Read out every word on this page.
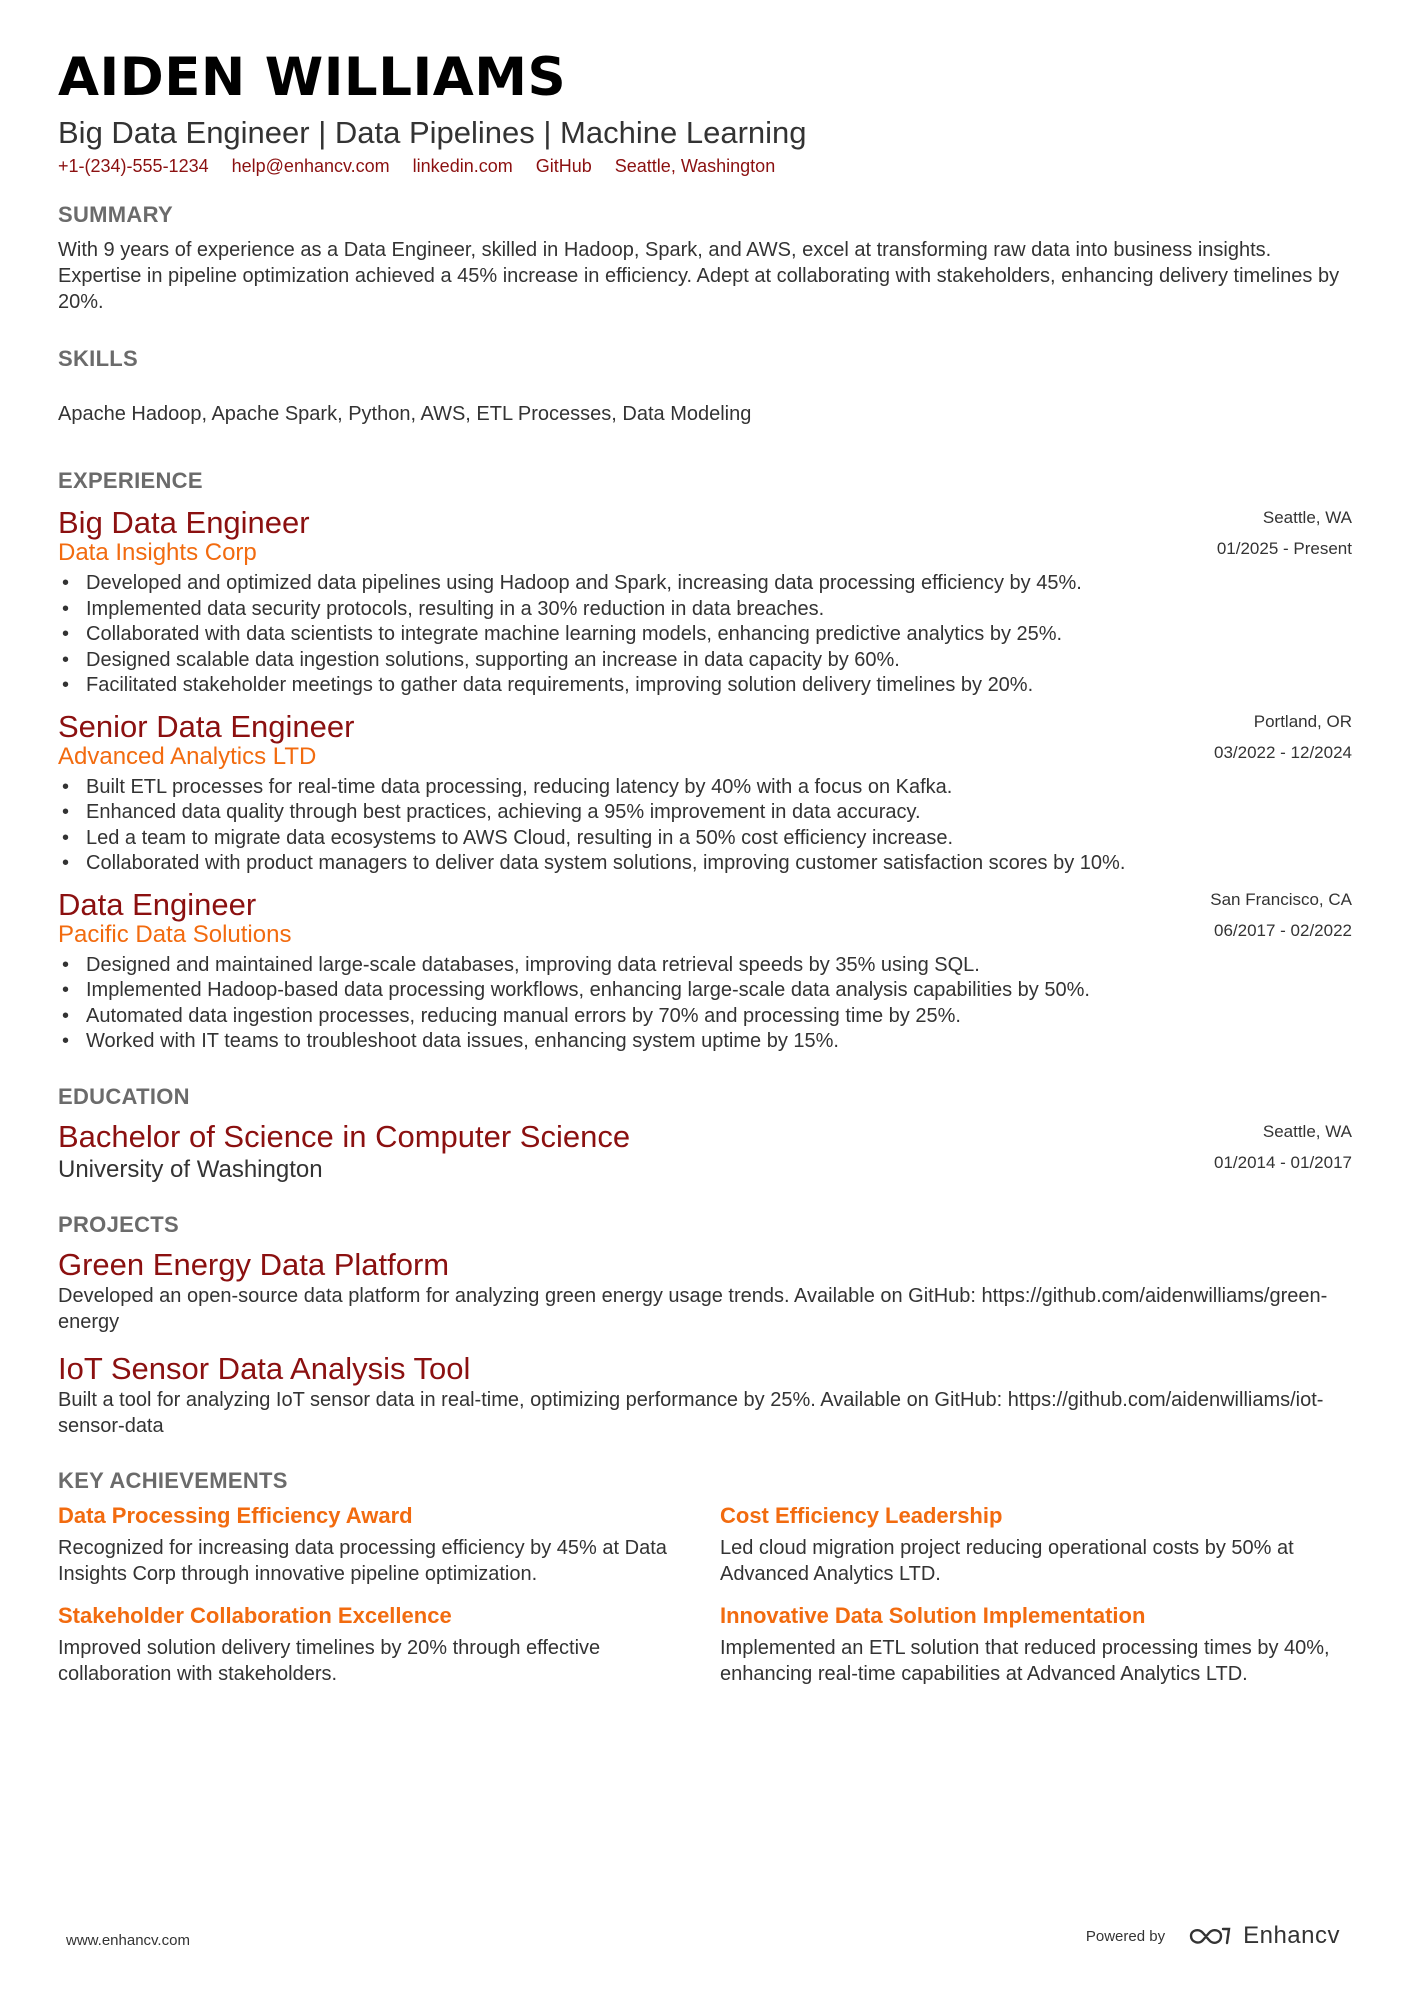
AIDEN WILLIAMS
Big Data Engineer | Data Pipelines | Machine Learning
+1-(234)-555-1234 help@enhancv.com linkedin.com GitHub Seattle, Washington
SUMMARY
With 9 years of experience as a Data Engineer, skilled in Hadoop, Spark, and AWS, excel at transforming raw data into business insights. Expertise in pipeline optimization achieved a 45% increase in efficiency. Adept at collaborating with stakeholders, enhancing delivery timelines by 20%.
SKILLS
Apache Hadoop, Apache Spark, Python, AWS, ETL Processes, Data Modeling
EXPERIENCE
Big Data Engineer
Data Insights Corp
Seattle, WA
01/2025 - Present
• Developed and optimized data pipelines using Hadoop and Spark, increasing data processing efficiency by 45%.
• Implemented data security protocols, resulting in a 30% reduction in data breaches.
• Collaborated with data scientists to integrate machine learning models, enhancing predictive analytics by 25%.
• Designed scalable data ingestion solutions, supporting an increase in data capacity by 60%.
• Facilitated stakeholder meetings to gather data requirements, improving solution delivery timelines by 20%.
Senior Data Engineer
Advanced Analytics LTD
Portland, OR
03/2022 - 12/2024
• Built ETL processes for real-time data processing, reducing latency by 40% with a focus on Kafka.
• Enhanced data quality through best practices, achieving a 95% improvement in data accuracy.
• Led a team to migrate data ecosystems to AWS Cloud, resulting in a 50% cost efficiency increase.
• Collaborated with product managers to deliver data system solutions, improving customer satisfaction scores by 10%.
Data Engineer
Pacific Data Solutions
San Francisco, CA
06/2017 - 02/2022
• Designed and maintained large-scale databases, improving data retrieval speeds by 35% using SQL.
• Implemented Hadoop-based data processing workflows, enhancing large-scale data analysis capabilities by 50%.
• Automated data ingestion processes, reducing manual errors by 70% and processing time by 25%.
• Worked with IT teams to troubleshoot data issues, enhancing system uptime by 15%.
EDUCATION
Bachelor of Science in Computer Science
University of Washington
Seattle, WA
01/2014 - 01/2017
PROJECTS
Green Energy Data Platform
Developed an open-source data platform for analyzing green energy usage trends. Available on GitHub: https://github.com/aidenwilliams/green-energy
IoT Sensor Data Analysis Tool
Built a tool for analyzing IoT sensor data in real-time, optimizing performance by 25%. Available on GitHub: https://github.com/aidenwilliams/iot-sensor-data
KEY ACHIEVEMENTS
Data Processing Efficiency Award
Recognized for increasing data processing efficiency by 45% at Data Insights Corp through innovative pipeline optimization.
Cost Efficiency Leadership
Led cloud migration project reducing operational costs by 50% at Advanced Analytics LTD.
Stakeholder Collaboration Excellence
Improved solution delivery timelines by 20% through effective collaboration with stakeholders.
Innovative Data Solution Implementation
Implemented an ETL solution that reduced processing times by 40%, enhancing real-time capabilities at Advanced Analytics LTD.
www.enhancv.com	Powered by	Enhancv
